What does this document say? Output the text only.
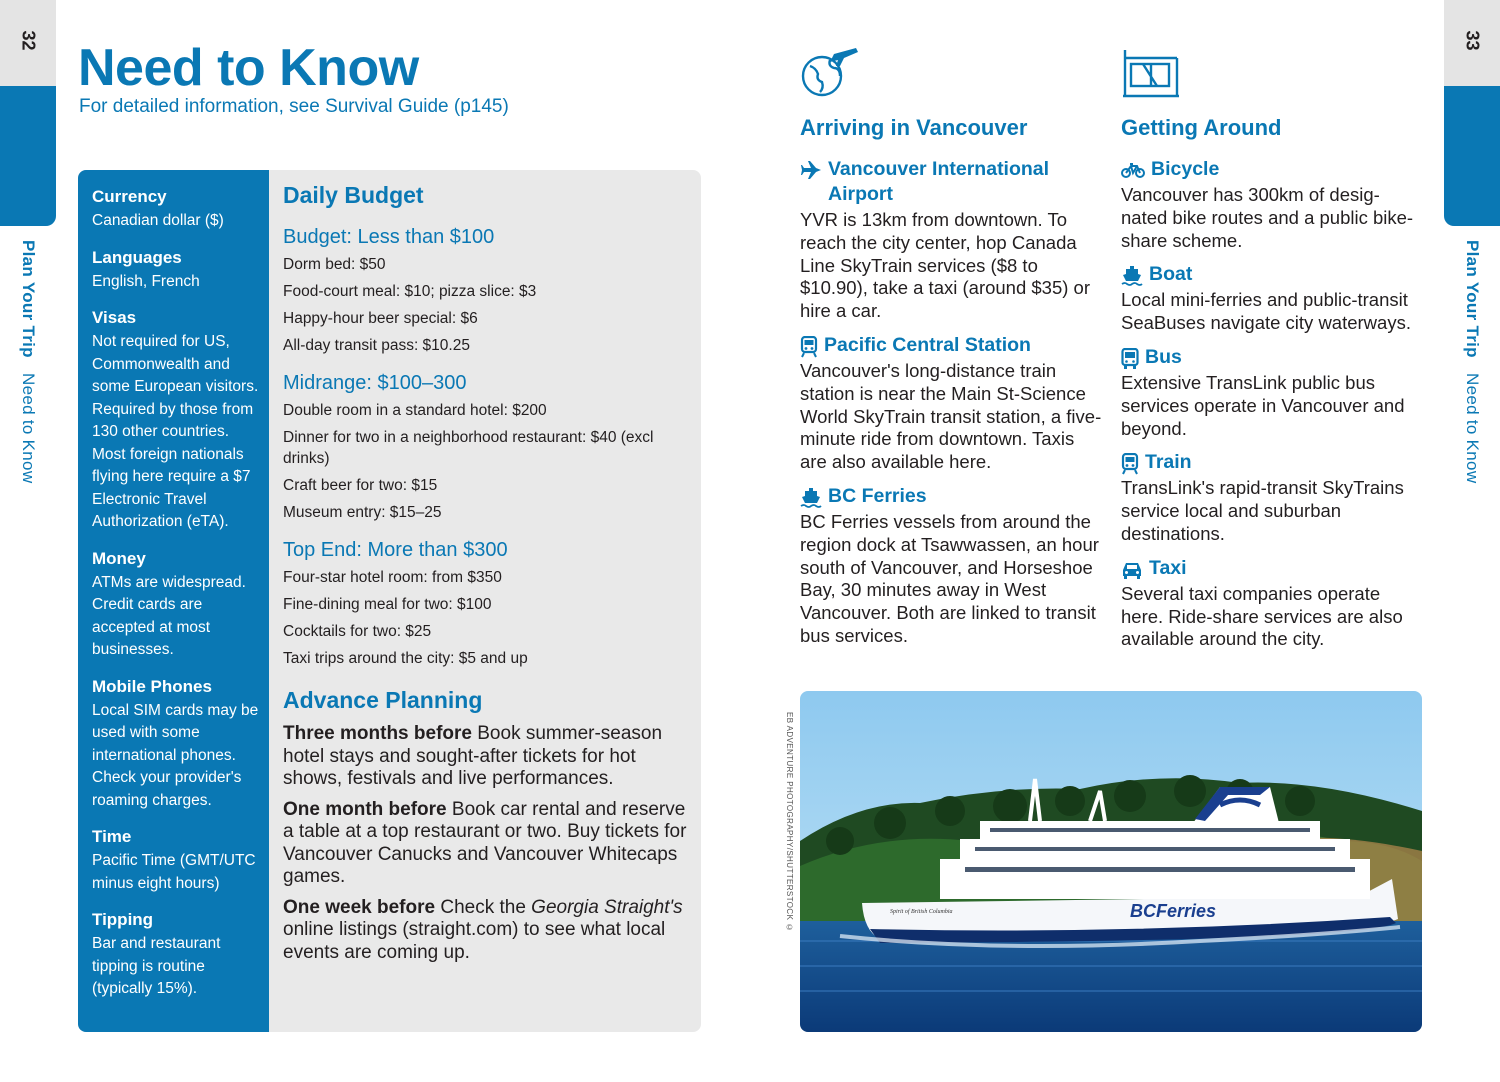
32
Plan Your Trip Need to Know
33
Plan Your Trip Need to Know
Need to Know
For detailed information, see Survival Guide (p145)
Currency
Canadian dollar ($)
Languages
English, French
Visas
Not required for US, Commonwealth and some European visitors. Required by those from 130 other countries. Most foreign nationals flying here require a $7 Electronic Travel Authorization (eTA).
Money
ATMs are widespread. Credit cards are accepted at most businesses.
Mobile Phones
Local SIM cards may be used with some international phones. Check your provider's roaming charges.
Time
Pacific Time (GMT/UTC minus eight hours)
Tipping
Bar and restaurant tipping is routine (typically 15%).
Daily Budget
Budget: Less than $100
Dorm bed: $50
Food-court meal: $10; pizza slice: $3
Happy-hour beer special: $6
All-day transit pass: $10.25
Midrange: $100–300
Double room in a standard hotel: $200
Dinner for two in a neighborhood restaurant: $40 (excl drinks)
Craft beer for two: $15
Museum entry: $15–25
Top End: More than $300
Four-star hotel room: from $350
Fine-dining meal for two: $100
Cocktails for two: $25
Taxi trips around the city: $5 and up
Advance Planning
Three months before Book summer-season hotel stays and sought-after tickets for hot shows, festivals and live performances.
One month before Book car rental and reserve a table at a top restaurant or two. Buy tickets for Vancouver Canucks and Vancouver Whitecaps games.
One week before Check the Georgia Straight's online listings (straight.com) to see what local events are coming up.
Arriving in Vancouver
Vancouver International Airport
YVR is 13km from downtown. To reach the city center, hop Canada Line SkyTrain services ($8 to $10.90), take a taxi (around $35) or hire a car.
Pacific Central Station
Vancouver's long-distance train station is near the Main St-Science World SkyTrain transit station, a five-minute ride from downtown. Taxis are also available here.
BC Ferries
BC Ferries vessels from around the region dock at Tsawwassen, an hour south of Vancouver, and Horseshoe Bay, 30 minutes away in West Vancouver. Both are linked to transit bus services.
Getting Around
Bicycle
Vancouver has 300km of desig-nated bike routes and a public bike-share scheme.
Boat
Local mini-ferries and public-transit SeaBuses navigate city waterways.
Bus
Extensive TransLink public bus services operate in Vancouver and beyond.
Train
TransLink's rapid-transit SkyTrains service local and suburban destinations.
Taxi
Several taxi companies operate here. Ride-share services are also available around the city.
EB ADVENTURE PHOTOGRAPHY/SHUTTERSTOCK ©	BCFerries
Spirit of British Columbia
